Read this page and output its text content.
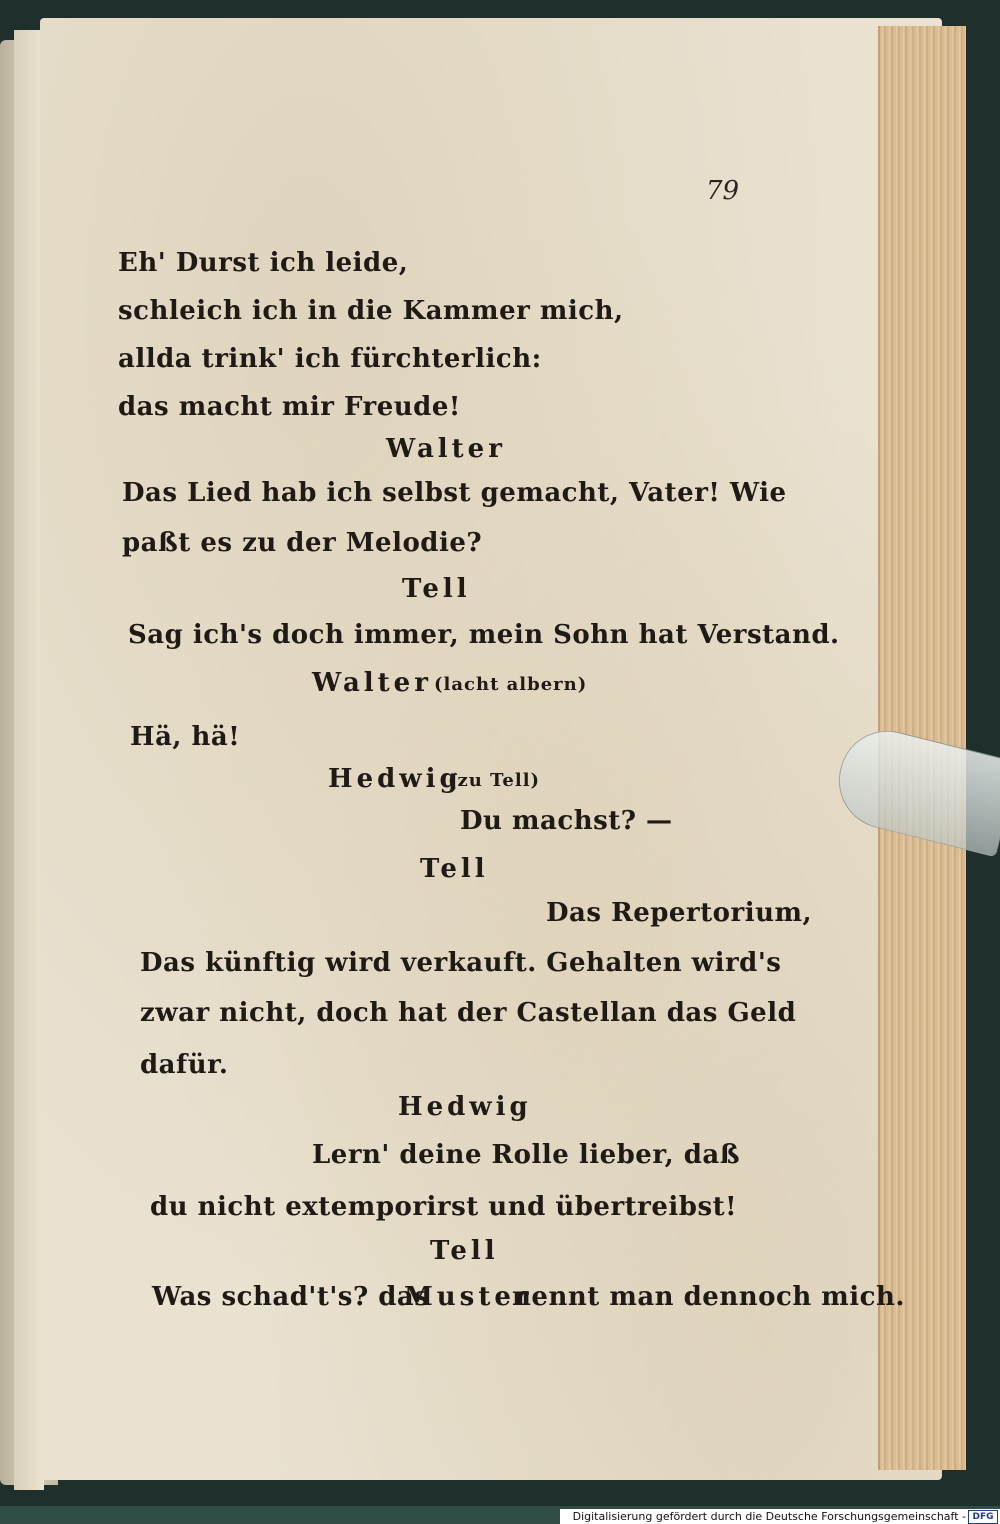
79
Eh' Durst ich leide,
schleich ich in die Kammer mich,
allda trink' ich fürchterlich:
das macht mir Freude!
Walter
Das Lied hab ich selbst gemacht, Vater! Wie
paßt es zu der Melodie?
Tell
Sag ich's doch immer, mein Sohn hat Verstand.
Walter (lacht albern)
Hä, hä!
Hedwig
(zu Tell)
Du machst? —
Tell
Das Repertorium,
Das künftig wird verkauft. Gehalten wird's
zwar nicht, doch hat der Castellan das Geld
dafür.
Hedwig
Lern' deine Rolle lieber, daß
du nicht extemporirst und übertreibst!
Tell
Was schad't's? das
Muster
nennt man dennoch mich.
Digitalisierung gefördert durch die Deutsche Forschungsgemeinschaft - DFG
